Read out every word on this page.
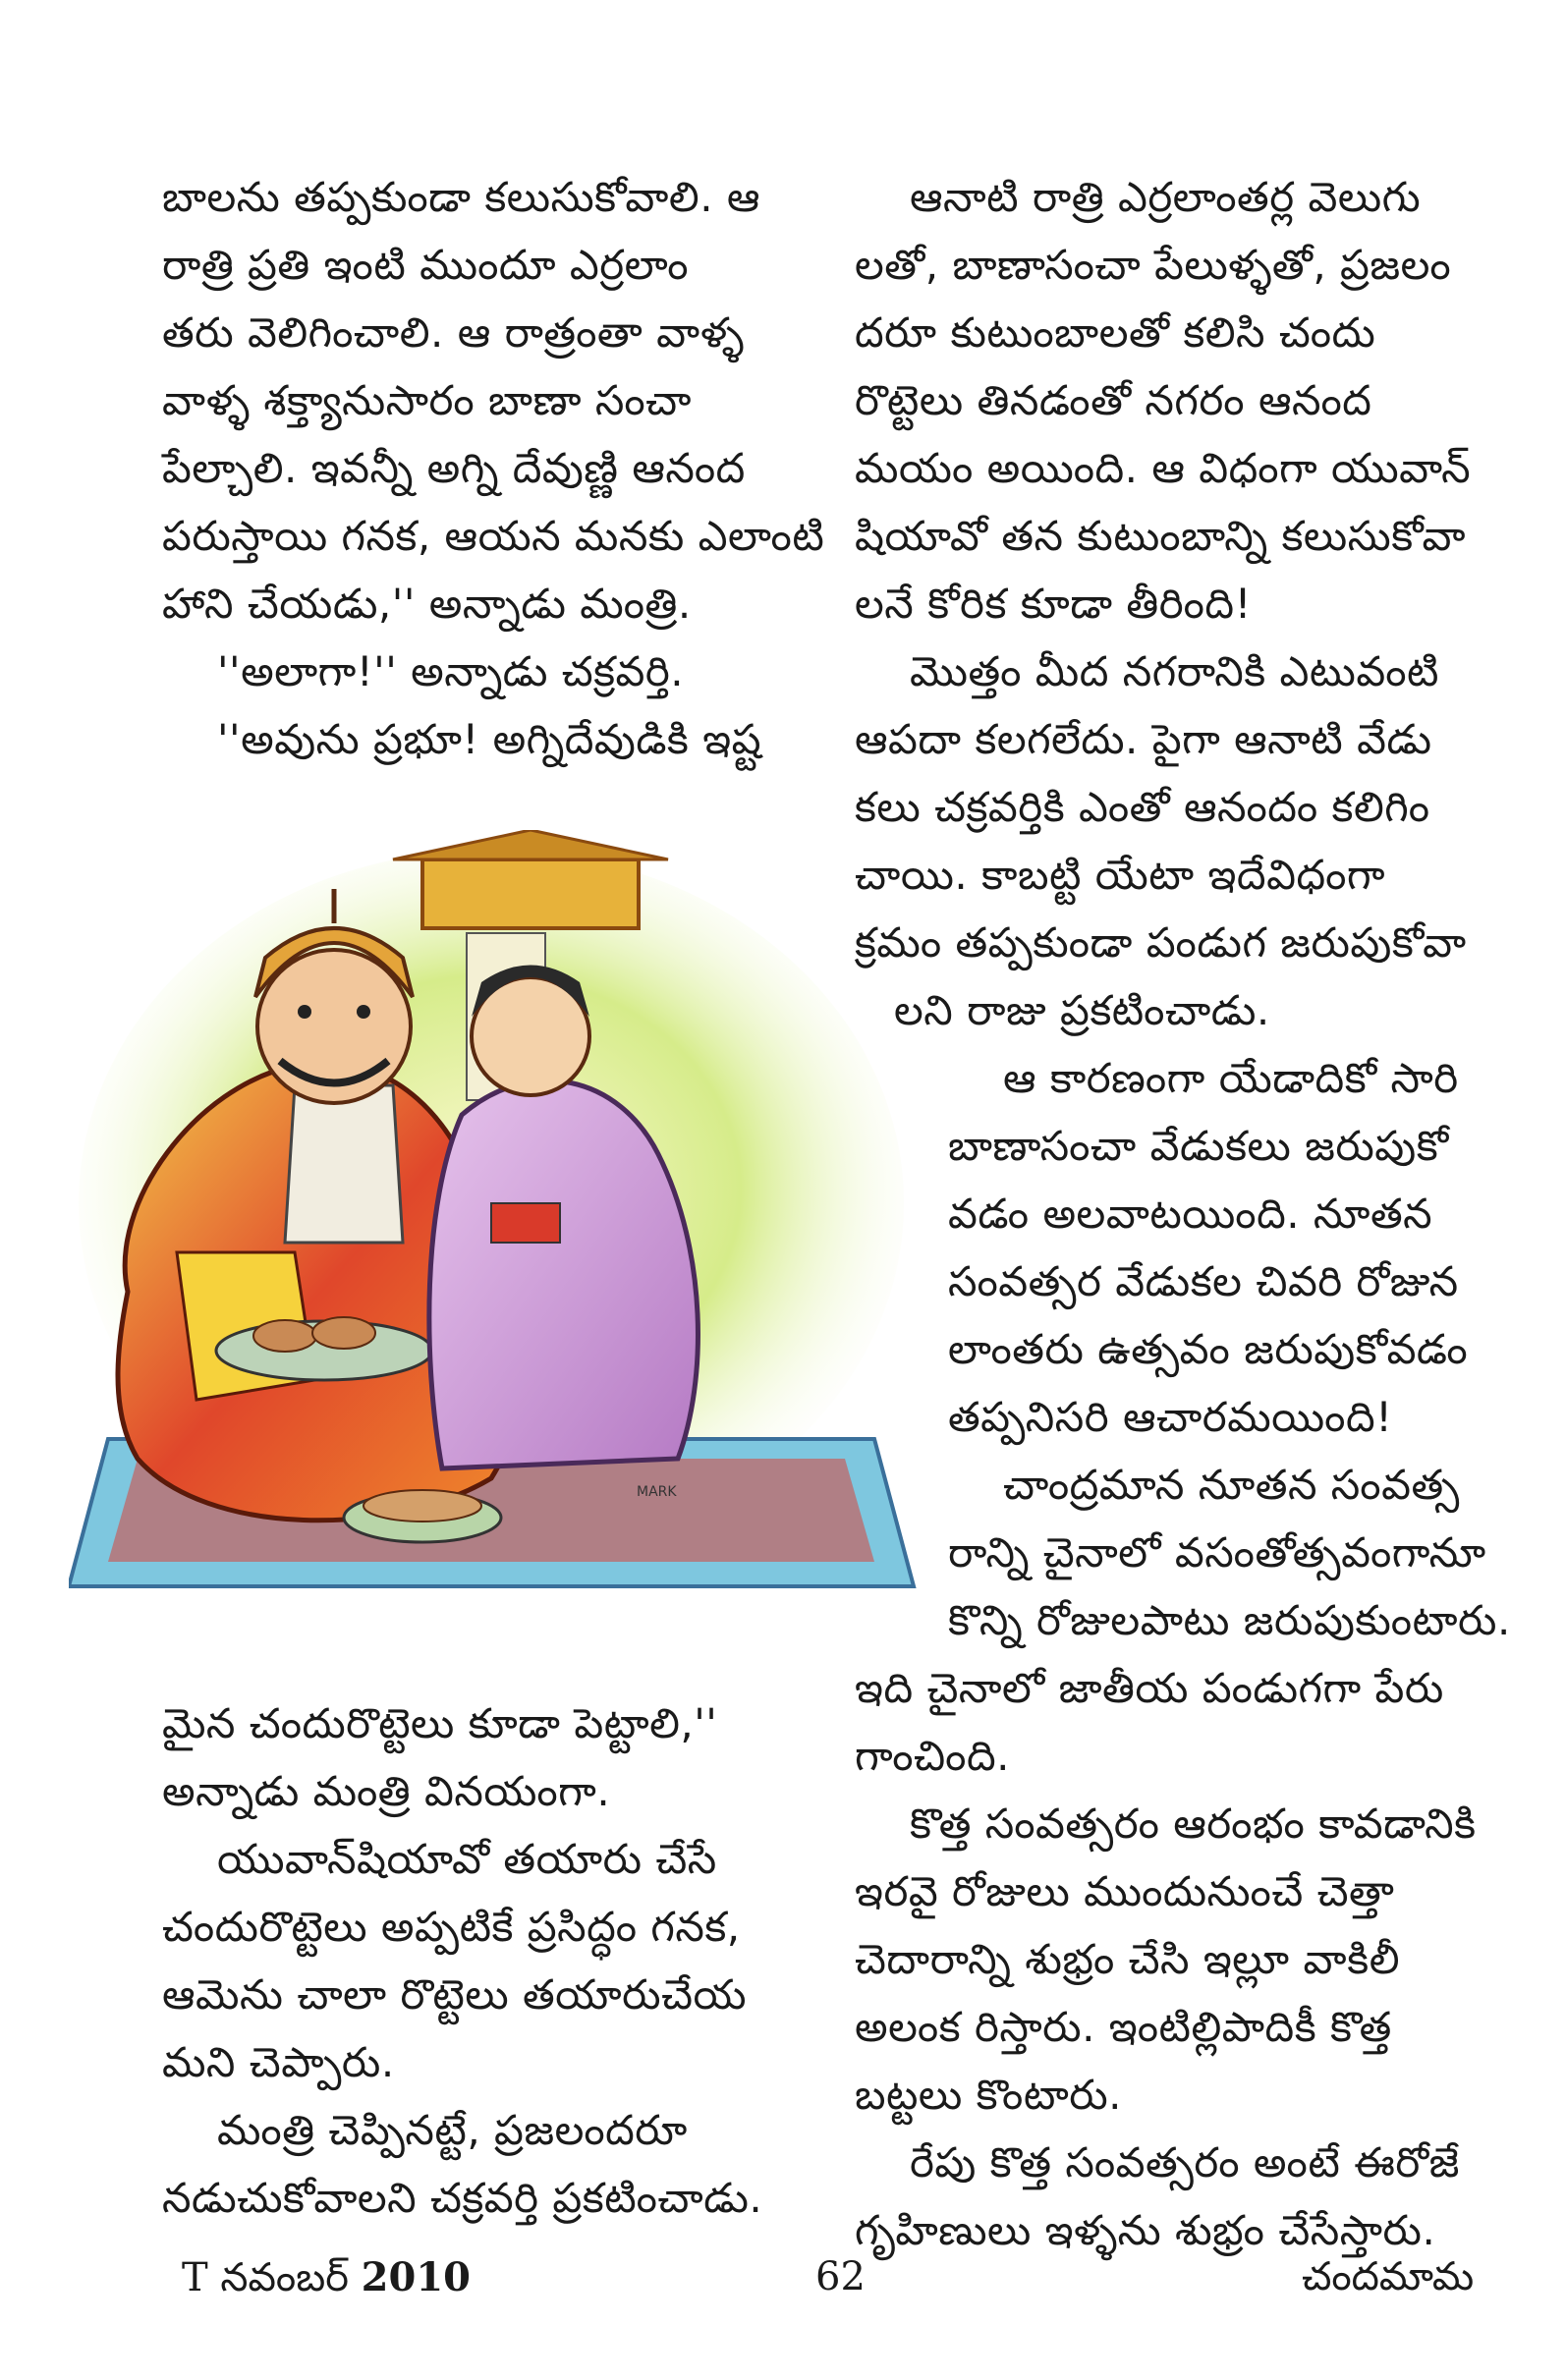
బాలను తప్పకుండా కలుసుకోవాలి. ఆ
రాత్రి ప్రతి ఇంటి ముందూ ఎర్రలాం
తరు వెలిగించాలి. ఆ రాత్రంతా వాళ్ళ
వాళ్ళ శక్త్యానుసారం బాణా సంచా
పేల్చాలి. ఇవన్నీ అగ్ని దేవుణ్ణి ఆనంద
పరుస్తాయి గనక, ఆయన మనకు ఎలాంటి
హాని చేయడు,'' అన్నాడు మంత్రి.
''అలాగా!'' అన్నాడు చక్రవర్తి.
''అవును ప్రభూ! అగ్నిదేవుడికి ఇష్ట
MARK
మైన చందురొట్టెలు కూడా పెట్టాలి,''
అన్నాడు మంత్రి వినయంగా.
యువాన్‌షియావో తయారు చేసే
చందురొట్టెలు అప్పటికే ప్రసిద్ధం గనక,
ఆమెను చాలా రొట్టెలు తయారుచేయ
మని చెప్పారు.
మంత్రి చెప్పినట్టే, ప్రజలందరూ
నడుచుకోవాలని చక్రవర్తి ప్రకటించాడు.
ఆనాటి రాత్రి ఎర్రలాంతర్ల వెలుగు
లతో, బాణాసంచా పేలుళ్ళతో, ప్రజలం
దరూ కుటుంబాలతో కలిసి చందు
రొట్టెలు తినడంతో నగరం ఆనంద
మయం అయింది. ఆ విధంగా యువాన్
షియావో తన కుటుంబాన్ని కలుసుకోవా
లనే కోరిక కూడా తీరింది!
మొత్తం మీద నగరానికి ఎటువంటి
ఆపదా కలగలేదు. పైగా ఆనాటి వేడు
కలు చక్రవర్తికి ఎంతో ఆనందం కలిగిం
చాయి. కాబట్టి యేటా ఇదేవిధంగా
క్రమం తప్పకుండా పండుగ జరుపుకోవా
లని రాజు ప్రకటించాడు.
ఆ కారణంగా యేడాదికో సారి
బాణాసంచా వేడుకలు జరుపుకో
వడం అలవాటయింది. నూతన
సంవత్సర వేడుకల చివరి రోజున
లాంతరు ఉత్సవం జరుపుకోవడం
తప్పనిసరి ఆచారమయింది!
చాంద్రమాన నూతన సంవత్స
రాన్ని చైనాలో వసంతోత్సవంగానూ
కొన్ని రోజులపాటు జరుపుకుంటారు.
ఇది చైనాలో జాతీయ పండుగగా పేరు
గాంచింది.
కొత్త సంవత్సరం ఆరంభం కావడానికి
ఇరవై రోజులు ముందునుంచే చెత్తా
చెదారాన్ని శుభ్రం చేసి ఇల్లూ వాకిలీ
అలంక రిస్తారు. ఇంటిల్లిపాదికీ కొత్త
బట్టలు కొంటారు.
రేపు కొత్త సంవత్సరం అంటే ఈరోజే
గృహిణులు ఇళ్ళను శుభ్రం చేసేస్తారు.
T నవంబర్ 2010	62	చందమామ
